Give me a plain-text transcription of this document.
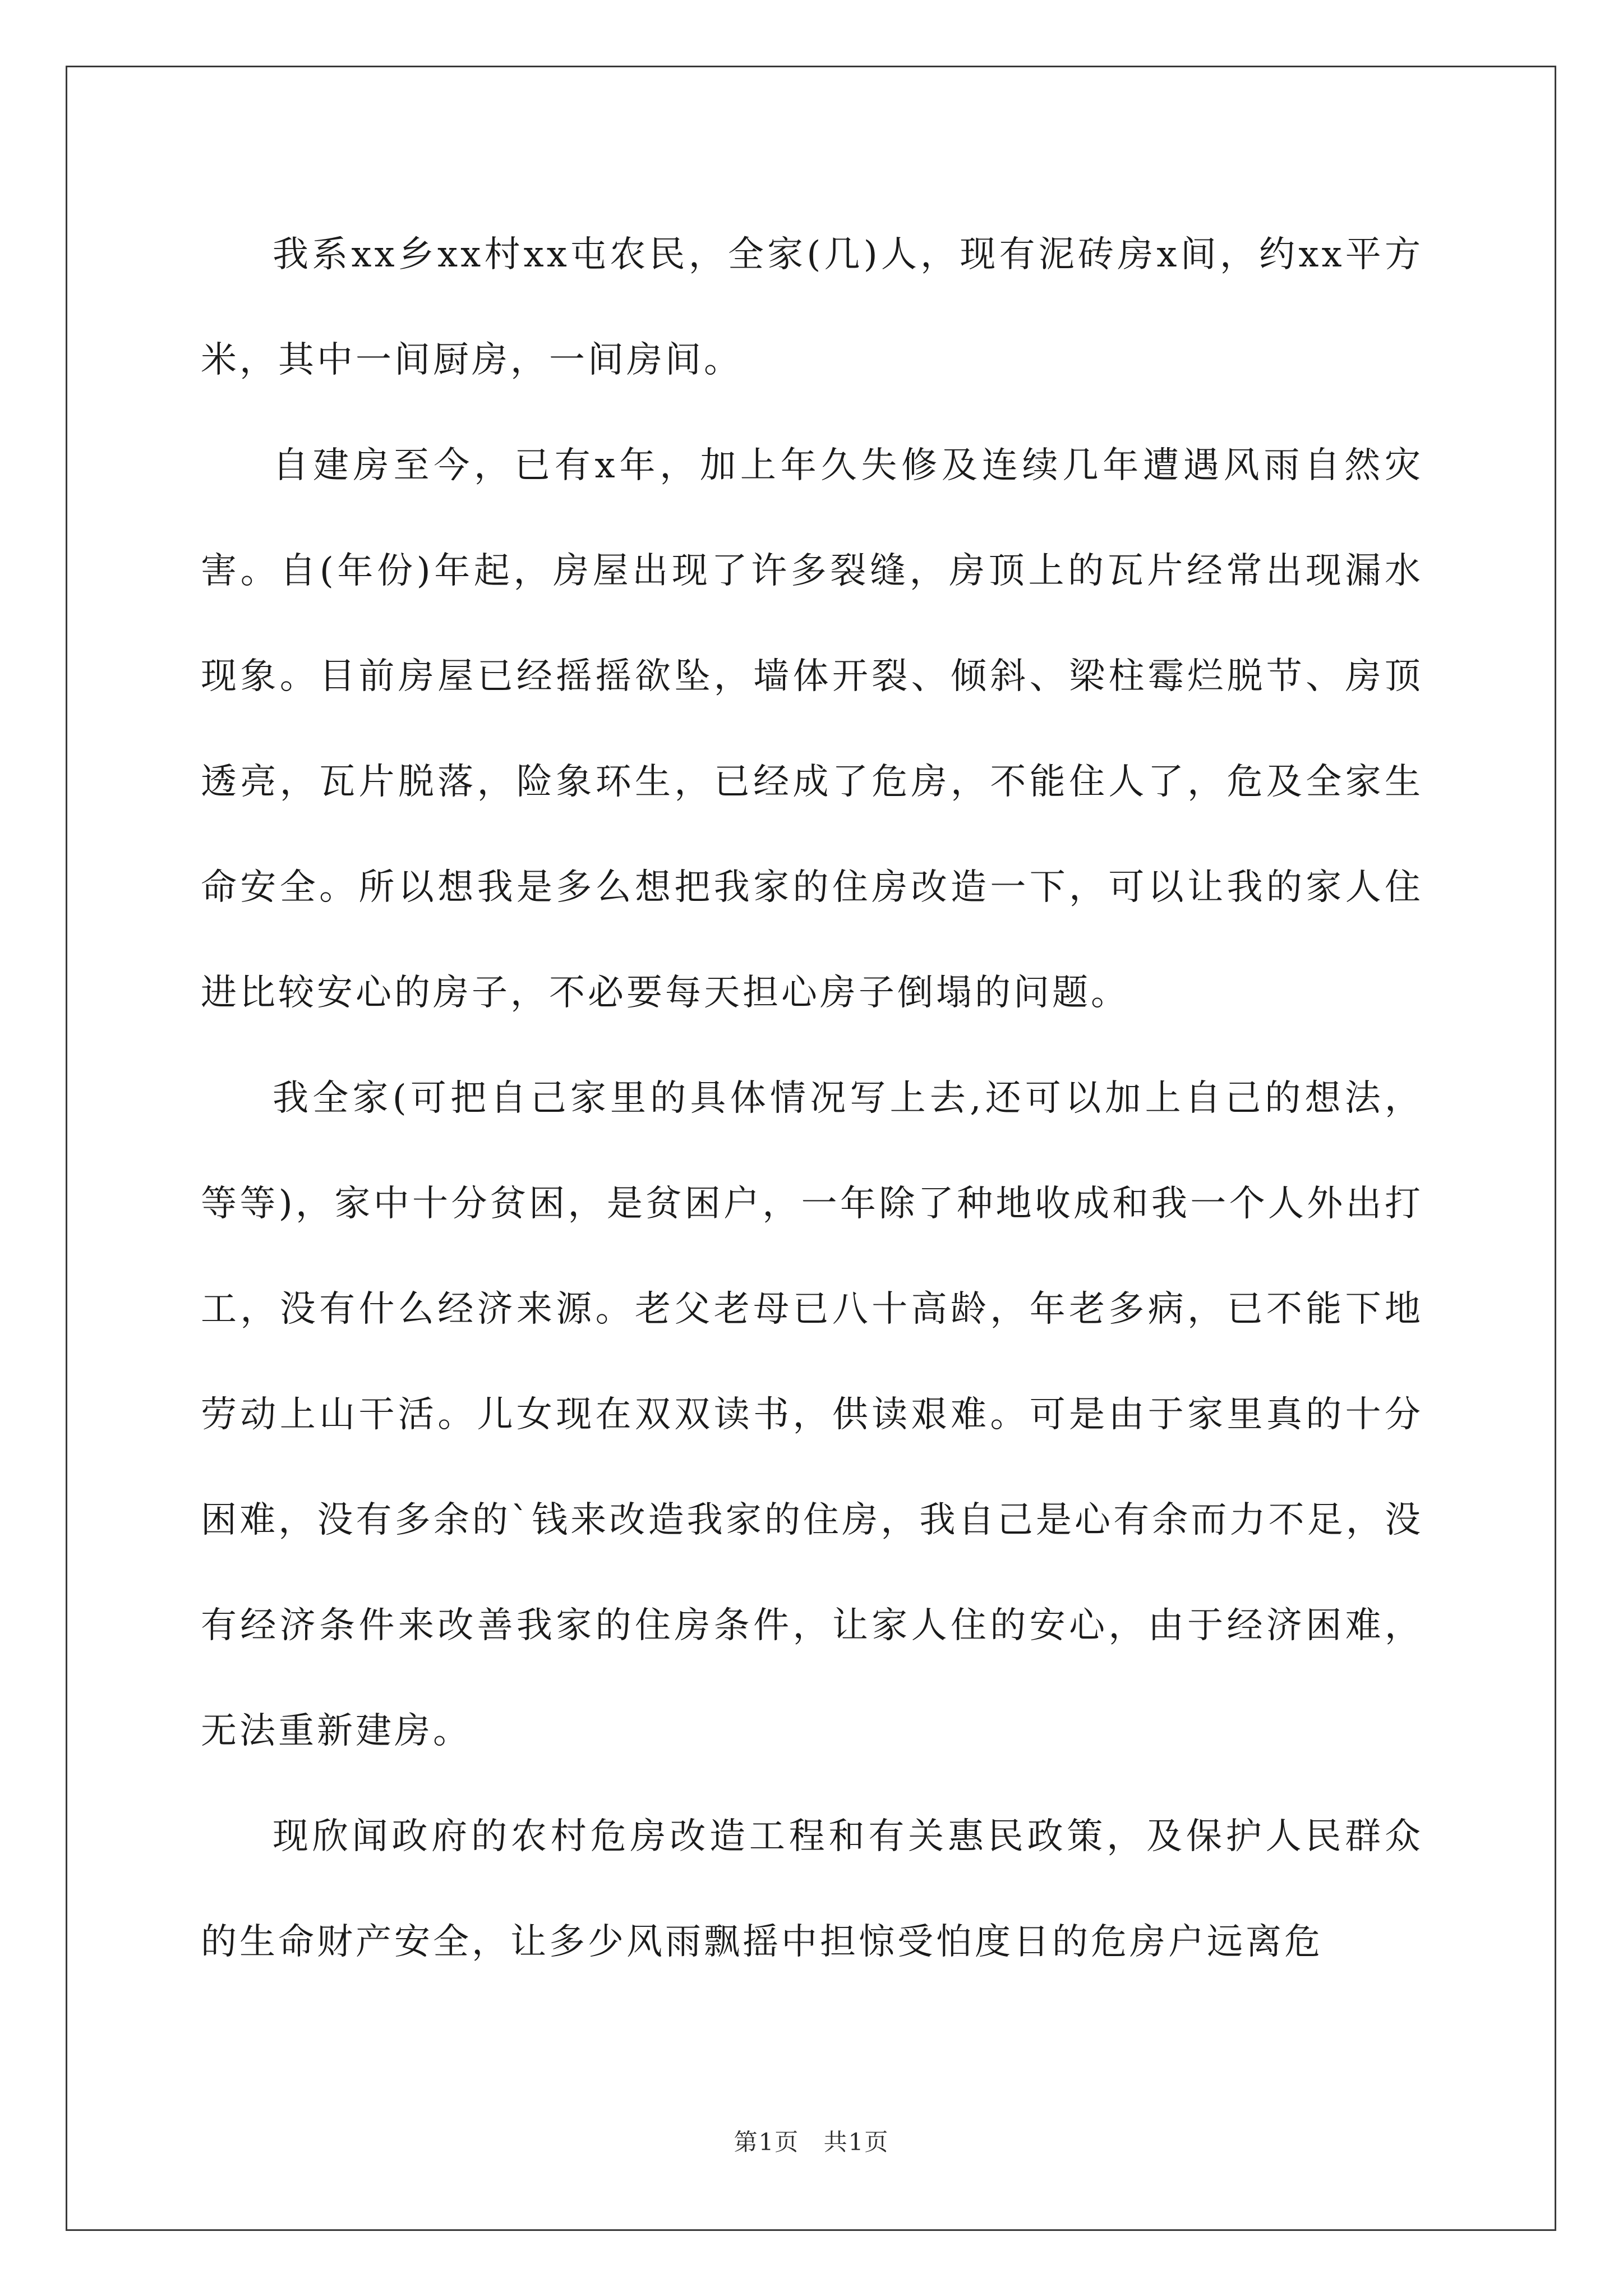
我系xx乡xx村xx屯农民，全家(几)人，现有泥砖房x间，约xx平方米，其中一间厨房，一间房间。

自建房至今，已有x年，加上年久失修及连续几年遭遇风雨自然灾害。自(年份)年起，房屋出现了许多裂缝，房顶上的瓦片经常出现漏水现象。目前房屋已经摇摇欲坠，墙体开裂、倾斜、梁柱霉烂脱节、房顶透亮，瓦片脱落，险象环生，已经成了危房，不能住人了，危及全家生命安全。所以想我是多么想把我家的住房改造一下，可以让我的家人住进比较安心的房子，不必要每天担心房子倒塌的问题。

我全家(可把自己家里的具体情况写上去,还可以加上自己的想法，等等)，家中十分贫困，是贫困户，一年除了种地收成和我一个人外出打工，没有什么经济来源。老父老母已八十高龄，年老多病，已不能下地劳动上山干活。儿女现在双双读书，供读艰难。可是由于家里真的十分困难，没有多余的`钱来改造我家的住房，我自己是心有余而力不足，没有经济条件来改善我家的住房条件，让家人住的安心，由于经济困难，无法重新建房。

现欣闻政府的农村危房改造工程和有关惠民政策，及保护人民群众的生命财产安全，让多少风雨飘摇中担惊受怕度日的危房户远离危

第1页 共1页
